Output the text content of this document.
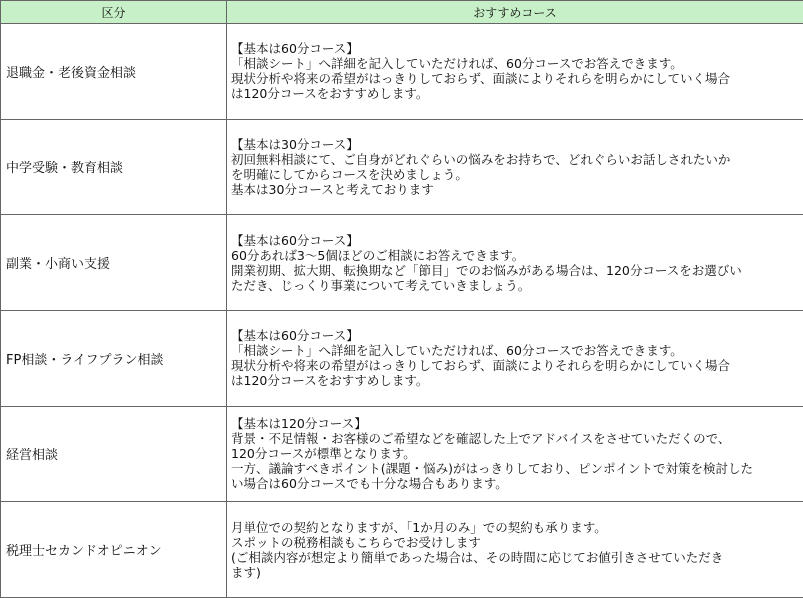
区分	おすすめコース
退職金・老後資金相談	【基本は60分コース】
「相談シート」へ詳細を記入していただければ、60分コースでお答えできます。
現状分析や将来の希望がはっきりしておらず、面談によりそれらを明らかにしていく場合
は120分コースをおすすめします。

中学受験・教育相談	【基本は30分コース】
初回無料相談にて、ご自身がどれぐらいの悩みをお持ちで、どれぐらいお話しされたいか
を明確にしてからコースを決めましょう。
基本は30分コースと考えております

副業・小商い支援	【基本は60分コース】
60分あれば3～5個ほどのご相談にお答えできます。
開業初期、拡大期、転換期など「節目」でのお悩みがある場合は、120分コースをお選びい
ただき、じっくり事業について考えていきましょう。

FP相談・ライフプラン相談	【基本は60分コース】
「相談シート」へ詳細を記入していただければ、60分コースでお答えできます。
現状分析や将来の希望がはっきりしておらず、面談によりそれらを明らかにしていく場合
は120分コースをおすすめします。

経営相談	【基本は120分コース】
背景・不足情報・お客様のご希望などを確認した上でアドバイスをさせていただくので、
120分コースが標準となります。
一方、議論すべきポイント(課題・悩み)がはっきりしており、ピンポイントで対策を検討した
い場合は60分コースでも十分な場合もあります。

税理士セカンドオピニオン	月単位での契約となりますが、「1か月のみ」での契約も承ります。
スポットの税務相談もこちらでお受けします
(ご相談内容が想定より簡単であった場合は、その時間に応じてお値引きさせていただき
ます)
